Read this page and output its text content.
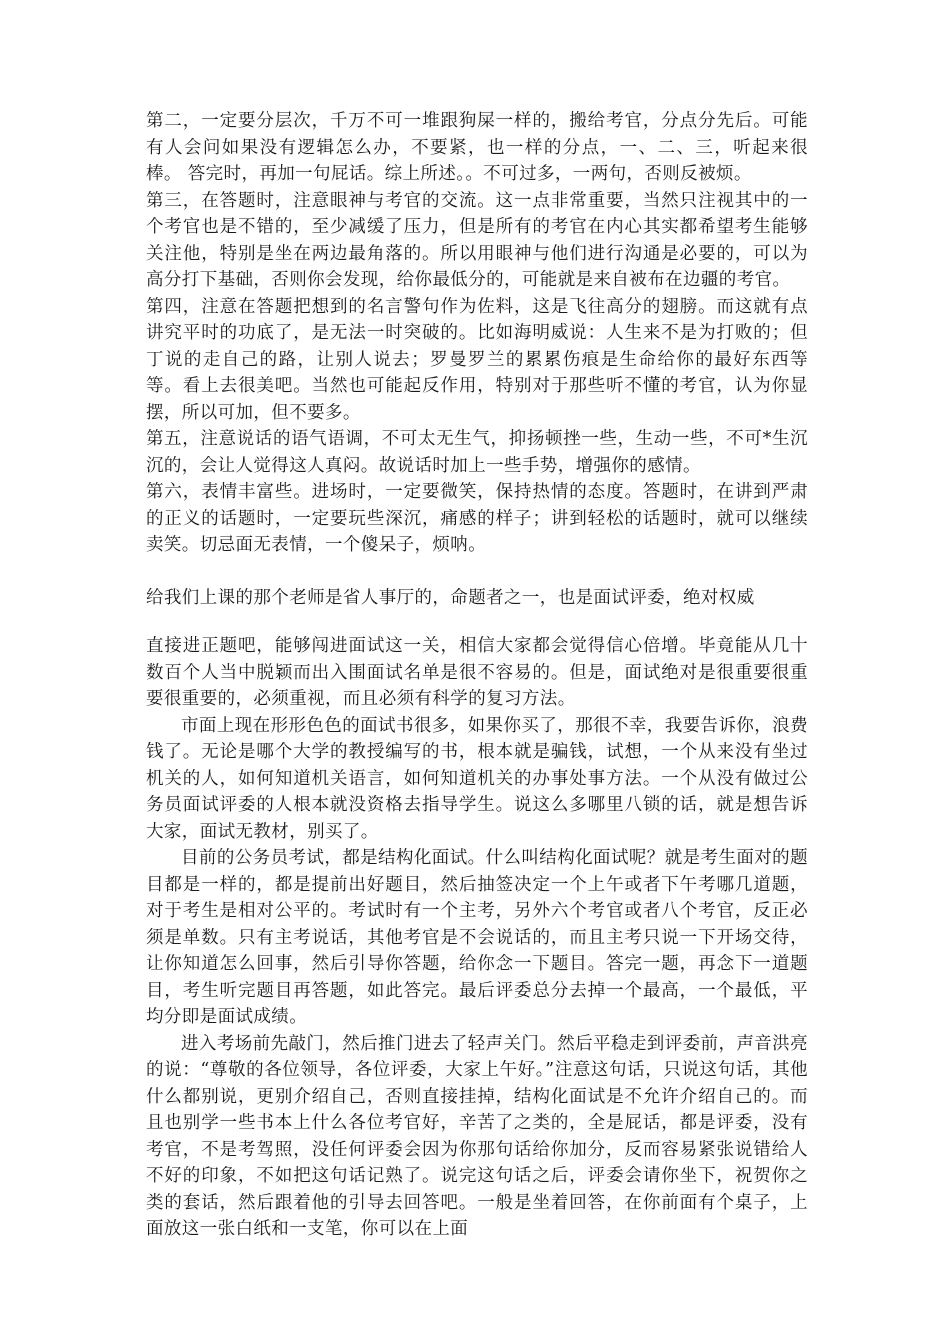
第二，一定要分层次，千万不可一堆跟狗屎一样的，搬给考官，分点分先后。可能有人会问如果没有逻辑怎么办，不要紧，也一样的分点，一、二、三，听起来很棒。 答完时，再加一句屁话。综上所述。。不可过多，一两句，否则反被烦。

第三，在答题时，注意眼神与考官的交流。这一点非常重要，当然只注视其中的一个考官也是不错的，至少减缓了压力，但是所有的考官在内心其实都希望考生能够关注他，特别是坐在两边最角落的。所以用眼神与他们进行沟通是必要的，可以为高分打下基础，否则你会发现，给你最低分的，可能就是来自被布在边疆的考官。

第四，注意在答题把想到的名言警句作为佐料，这是飞往高分的翅膀。而这就有点讲究平时的功底了，是无法一时突破的。比如海明威说：人生来不是为打败的；但丁说的走自己的路，让别人说去；罗曼罗兰的累累伤痕是生命给你的最好东西等等。看上去很美吧。当然也可能起反作用，特别对于那些听不懂的考官，认为你显摆，所以可加，但不要多。

第五，注意说话的语气语调，不可太无生气，抑扬顿挫一些，生动一些，不可*生沉沉的，会让人觉得这人真闷。故说话时加上一些手势，增强你的感情。

第六，表情丰富些。进场时，一定要微笑，保持热情的态度。答题时，在讲到严肃的正义的话题时，一定要玩些深沉，痛感的样子；讲到轻松的话题时，就可以继续卖笑。切忌面无表情，一个傻呆子，烦呐。

给我们上课的那个老师是省人事厅的，命题者之一，也是面试评委，绝对权威

直接进正题吧，能够闯进面试这一关，相信大家都会觉得信心倍增。毕竟能从几十数百个人当中脱颖而出入围面试名单是很不容易的。但是，面试绝对是很重要很重要很重要的，必须重视，而且必须有科学的复习方法。

市面上现在形形色色的面试书很多，如果你买了，那很不幸，我要告诉你，浪费钱了。无论是哪个大学的教授编写的书，根本就是骗钱，试想，一个从来没有坐过机关的人，如何知道机关语言，如何知道机关的办事处事方法。一个从没有做过公务员面试评委的人根本就没资格去指导学生。说这么多哪里八锁的话，就是想告诉大家，面试无教材，别买了。

目前的公务员考试，都是结构化面试。什么叫结构化面试呢？就是考生面对的题目都是一样的，都是提前出好题目，然后抽签决定一个上午或者下午考哪几道题，对于考生是相对公平的。考试时有一个主考，另外六个考官或者八个考官，反正必须是单数。只有主考说话，其他考官是不会说话的，而且主考只说一下开场交待，让你知道怎么回事，然后引导你答题，给你念一下题目。答完一题，再念下一道题目，考生听完题目再答题，如此答完。最后评委总分去掉一个最高，一个最低，平均分即是面试成绩。

进入考场前先敲门，然后推门进去了轻声关门。然后平稳走到评委前，声音洪亮的说：“尊敬的各位领导，各位评委，大家上午好。”注意这句话，只说这句话，其他什么都别说，更别介绍自己，否则直接挂掉，结构化面试是不允许介绍自己的。而且也别学一些书本上什么各位考官好，辛苦了之类的，全是屁话，都是评委，没有考官，不是考驾照，没任何评委会因为你那句话给你加分，反而容易紧张说错给人不好的印象，不如把这句话记熟了。说完这句话之后，评委会请你坐下，祝贺你之类的套话，然后跟着他的引导去回答吧。一般是坐着回答，在你前面有个桌子，上面放这一张白纸和一支笔，你可以在上面
